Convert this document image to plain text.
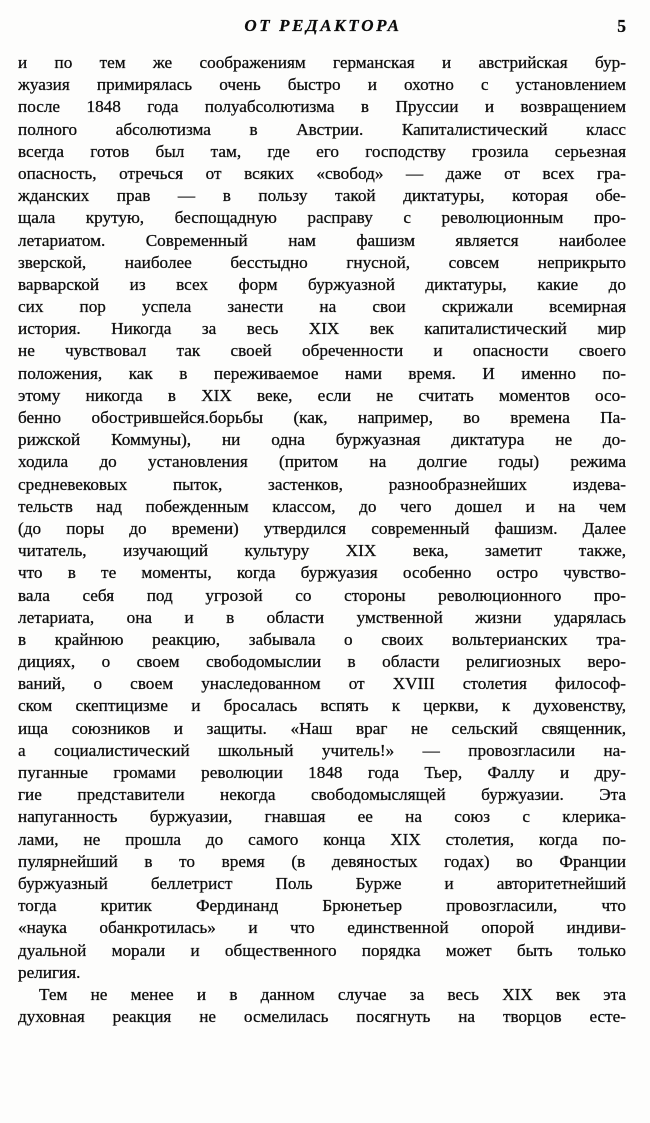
ОТ РЕДАКТОРА	5
и по тем же соображениям германская и австрийская бур-
жуазия примирялась очень быстро и охотно с установлением
после 1848 года полуабсолютизма в Пруссии и возвращением
полного абсолютизма в Австрии. Капиталистический класс
всегда готов был там, где его господству грозила серьезная
опасность, отречься от всяких «свобод» — даже от всех гра-
жданских прав — в пользу такой диктатуры, которая обе-
щала крутую, беспощадную расправу с революционным про-
летариатом. Современный нам фашизм является наиболее
зверской, наиболее бесстыдно гнусной, совсем неприкрыто
варварской из всех форм буржуазной диктатуры, какие до
сих пор успела занести на свои скрижали всемирная
история. Никогда за весь XIX век капиталистический мир
не чувствовал так своей обреченности и опасности своего
положения, как в переживаемое нами время. И именно по-
этому никогда в XIX веке, если не считать моментов осо-
бенно обострившейся.борьбы (как, например, во времена Па-
рижской Коммуны), ни одна буржуазная диктатура не до-
ходила до установления (притом на долгие годы) режима
средневековых пыток, застенков, разнообразнейших издева-
тельств над побежденным классом, до чего дошел и на чем
(до поры до времени) утвердился современный фашизм. Далее
читатель, изучающий культуру XIX века, заметит также,
что в те моменты, когда буржуазия особенно остро чувство-
вала себя под угрозой со стороны революционного про-
летариата, она и в области умственной жизни ударялась
в крайнюю реакцию, забывала о своих вольтерианских тра-
дициях, о своем свободомыслии в области религиозных веро-
ваний, о своем унаследованном от XVIII столетия философ-
ском скептицизме и бросалась вспять к церкви, к духовенству,
ища союзников и защиты. «Наш враг не сельский священник,
а социалистический школьный учитель!» — провозгласили на-
пуганные громами революции 1848 года Тьер, Фаллу и дру-
гие представители некогда свободомыслящей буржуазии. Эта
напуганность буржуазии, гнавшая ее на союз с клерика-
лами, не прошла до самого конца XIX столетия, когда по-
пулярнейший в то время (в девяностых годах) во Франции
буржуазный беллетрист Поль Бурже и авторитетнейший
тогда критик Фердинанд Брюнетьер провозгласили, что
«наука обанкротилась» и что единственной опорой индиви-
дуальной морали и общественного порядка может быть только
религия.
Тем не менее и в данном случае за весь XIX век эта
духовная реакция не осмелилась посягнуть на творцов есте-
